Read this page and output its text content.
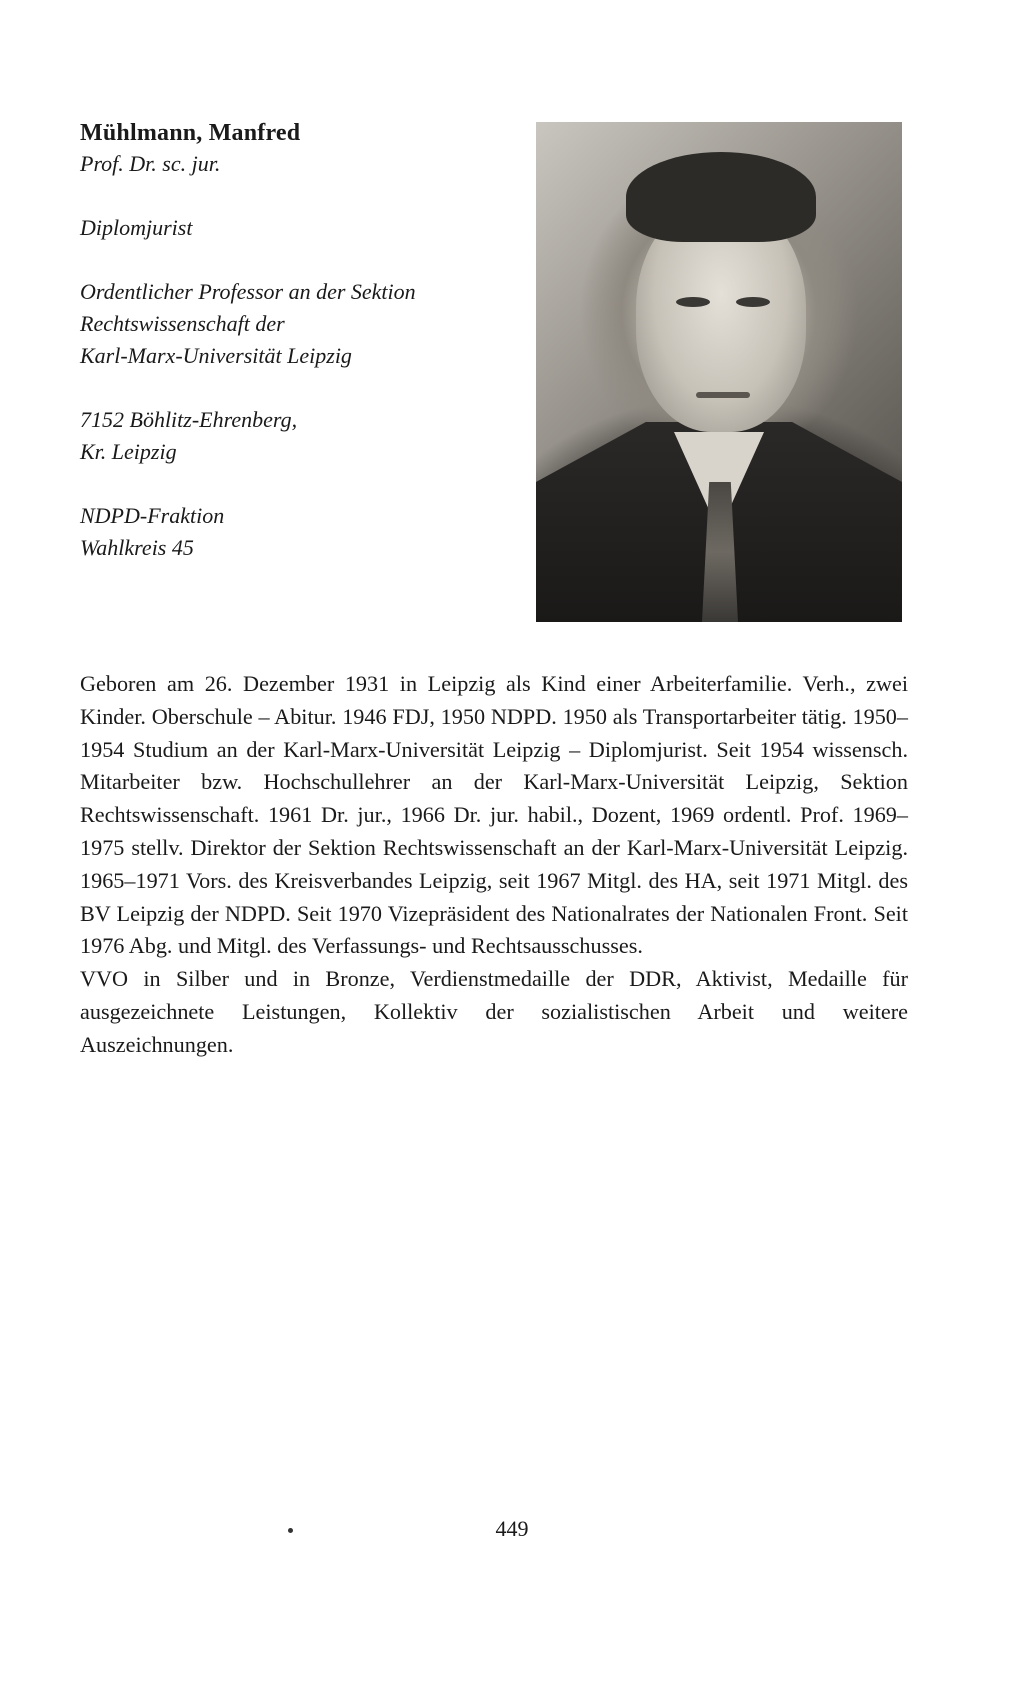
Mühlmann, Manfred

Prof. Dr. sc. jur.

Diplomjurist

Ordentlicher Professor an der Sektion

Rechtswissenschaft der

Karl-Marx-Universität Leipzig

7152 Böhlitz-Ehrenberg,

Kr. Leipzig

NDPD-Fraktion

Wahlkreis 45

Geboren am 26. Dezember 1931 in Leipzig als Kind einer Arbeiterfamilie. Verh., zwei Kinder. Oberschule – Abitur. 1946 FDJ, 1950 NDPD. 1950 als Transportarbeiter tätig. 1950–1954 Studium an der Karl-Marx-Universität Leipzig – Diplomjurist. Seit 1954 wissensch. Mitarbeiter bzw. Hochschullehrer an der Karl-Marx-Universität Leipzig, Sektion Rechtswissenschaft. 1961 Dr. jur., 1966 Dr. jur. habil., Dozent, 1969 ordentl. Prof. 1969–1975 stellv. Direktor der Sektion Rechtswissenschaft an der Karl-Marx-Universität Leipzig. 1965–1971 Vors. des Kreisverbandes Leipzig, seit 1967 Mitgl. des HA, seit 1971 Mitgl. des BV Leipzig der NDPD. Seit 1970 Vizepräsident des Nationalrates der Nationalen Front. Seit 1976 Abg. und Mitgl. des Verfassungs- und Rechtsausschusses.

VVO in Silber und in Bronze, Verdienstmedaille der DDR, Aktivist, Medaille für ausgezeichnete Leistungen, Kollektiv der sozialistischen Arbeit und weitere Auszeichnungen.

449
